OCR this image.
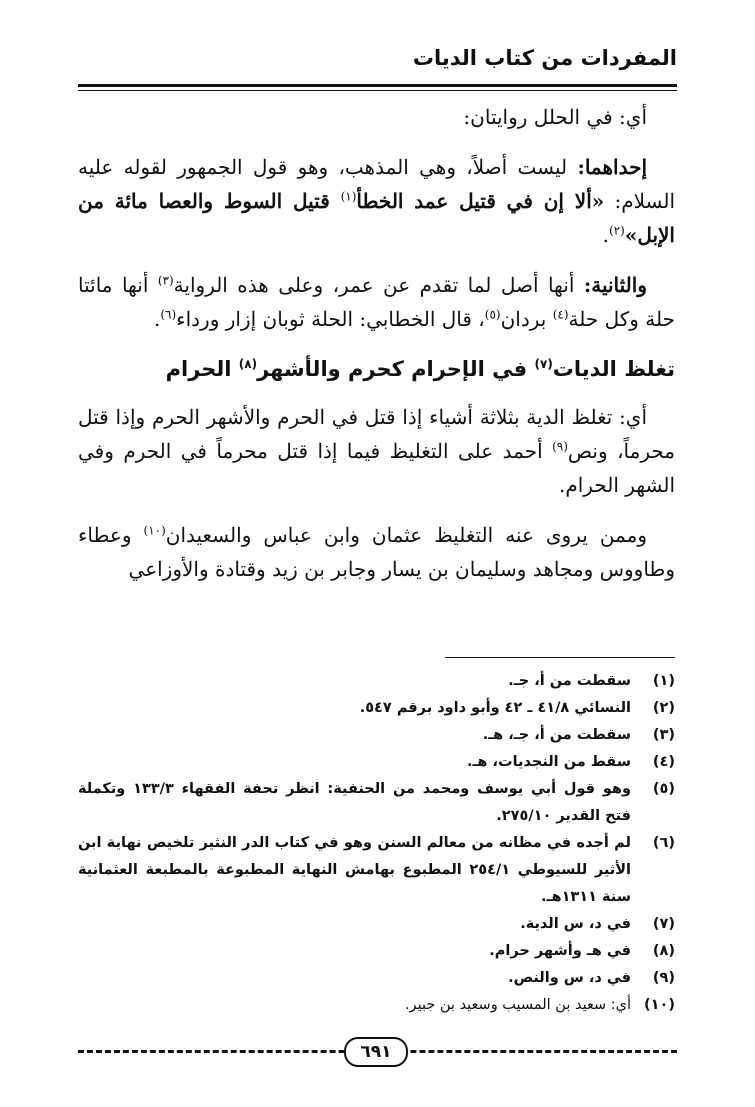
المفردات من كتاب الديات

أي: في الحلل روايتان:

إحداهما: ليست أصلاً، وهي المذهب، وهو قول الجمهور لقوله عليه السلام: «ألا إن في قتيل عمد الخطأ$^{(١)}$ قتيل السوط والعصا مائة من الإبل»$^{(٢)}$.

والثانية: أنها أصل لما تقدم عن عمر، وعلى هذه الرواية$^{(٣)}$ أنها مائتا حلة وكل حلة$^{(٤)}$ بردان$^{(٥)}$، قال الخطابي: الحلة ثوبان إزار ورداء$^{(٦)}$.

تغلظ الديات$^{(٧)}$ في الإحرام كحرم والأشهر$^{(٨)}$ الحرام

أي: تغلظ الدية بثلاثة أشياء إذا قتل في الحرم والأشهر الحرم وإذا قتل محرماً، ونص$^{(٩)}$ أحمد على التغليظ فيما إذا قتل محرماً في الحرم وفي الشهر الحرام.

وممن يروى عنه التغليظ عثمان وابن عباس والسعيدان$^{(١٠)}$ وعطاء وطاووس ومجاهد وسليمان بن يسار وجابر بن زيد وقتادة والأوزاعي

(١)
سقطت من أ، جـ.
(٢)
النسائي ٤١/٨ ـ ٤٢ وأبو داود برقم ٥٤٧.
(٣)
سقطت من أ، جـ، هـ.
(٤)
سقط من النجديات، هـ.
(٥)
وهو قول أبي يوسف ومحمد من الحنفية: انظر تحفة الفقهاء ١٣٣/٣ وتكملة فتح القدير ٢٧٥/١٠.
(٦)
لم أجده في مظانه من معالم السنن وهو في كتاب الدر النثير تلخيص نهاية ابن الأثير للسيوطي ٢٥٤/١ المطبوع بهامش النهاية المطبوعة بالمطبعة العثمانية سنة ١٣١١هـ.
(٧)
في د، س الدية.
(٨)
في هـ وأشهر حرام.
(٩)
في د، س والنص.
(١٠)
أي: سعيد بن المسيب وسعيد بن جبير.
٦٩١
